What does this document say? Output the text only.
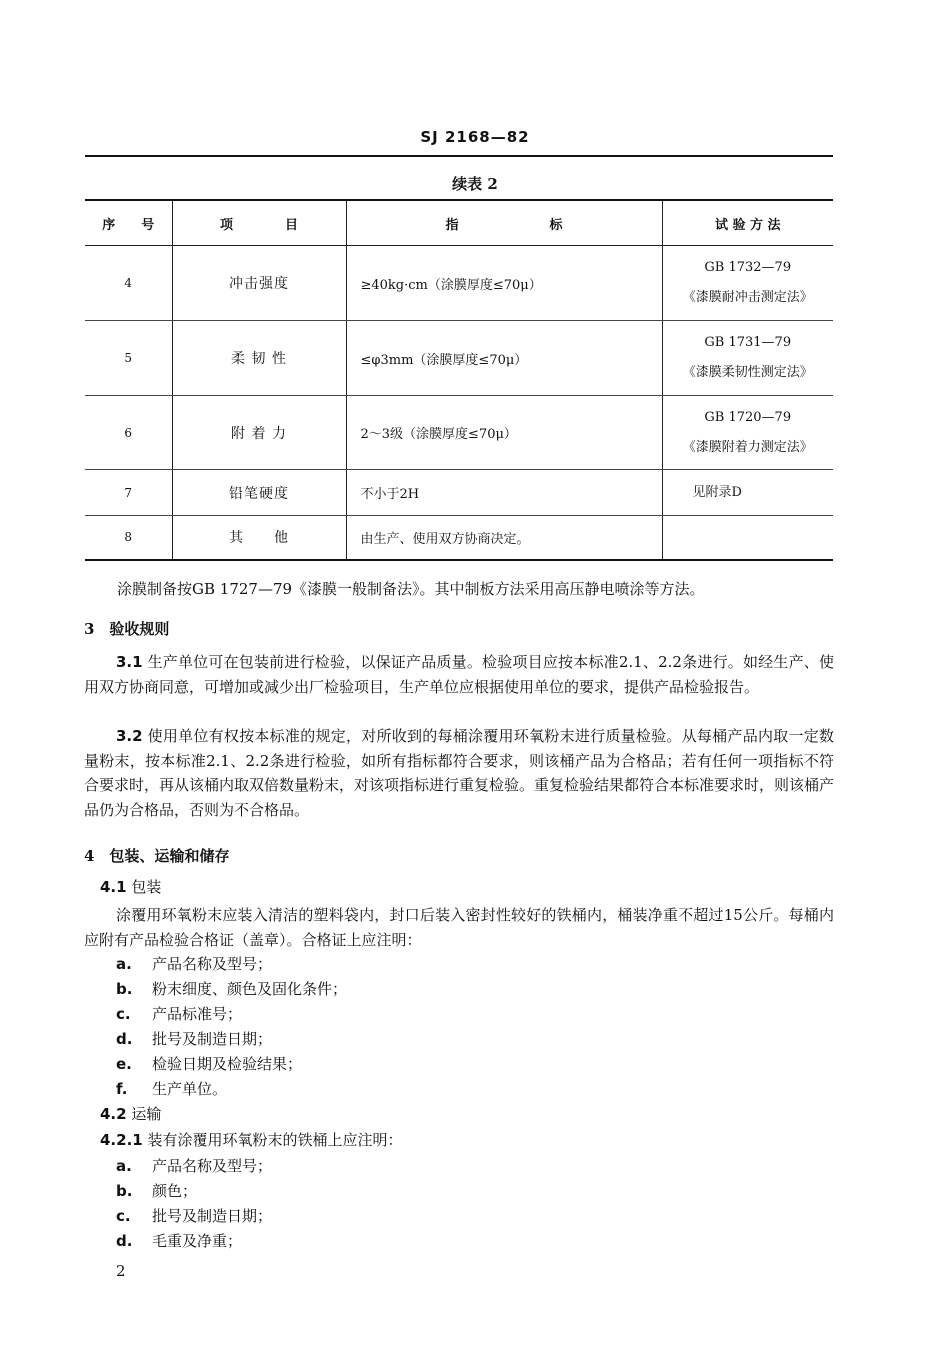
SJ 2168—82
续表 2
序　　号	项　　　　目	指　　　　　　　标	试 验 方 法
4	冲击强度	≥40kg·cm（涂膜厚度≤70μ）	GB 1732—79
《漆膜耐冲击测定法》

5	柔 韧 性	≤φ3mm（涂膜厚度≤70μ）	GB 1731—79
《漆膜柔韧性测定法》

6	附 着 力	2～3级（涂膜厚度≤70μ）	GB 1720—79
《漆膜附着力测定法》

7	铅笔硬度	不小于2H	见附录D

8	其　　他	由生产、使用双方协商决定。	
涂膜制备按GB 1727—79《漆膜一般制备法》。其中制板方法采用高压静电喷涂等方法。
3　验收规则
3.1 生产单位可在包装前进行检验，以保证产品质量。检验项目应按本标准2.1、2.2条进行。如经生产、使用双方协商同意，可增加或减少出厂检验项目，生产单位应根据使用单位的要求，提供产品检验报告。
3.2 使用单位有权按本标准的规定，对所收到的每桶涂覆用环氧粉末进行质量检验。从每桶产品内取一定数量粉末，按本标准2.1、2.2条进行检验，如所有指标都符合要求，则该桶产品为合格品；若有任何一项指标不符合要求时，再从该桶内取双倍数量粉末，对该项指标进行重复检验。重复检验结果都符合本标准要求时，则该桶产品仍为合格品，否则为不合格品。
4　包装、运输和储存
4.1 包装
涂覆用环氧粉末应装入清洁的塑料袋内，封口后装入密封性较好的铁桶内，桶装净重不超过15公斤。每桶内应附有产品检验合格证（盖章）。合格证上应注明：
a. 产品名称及型号；
b. 粉末细度、颜色及固化条件；
c. 产品标准号；
d. 批号及制造日期；
e. 检验日期及检验结果；
f. 生产单位。
4.2 运输
4.2.1 装有涂覆用环氧粉末的铁桶上应注明：
a. 产品名称及型号；
b. 颜色；
c. 批号及制造日期；
d. 毛重及净重；
2
